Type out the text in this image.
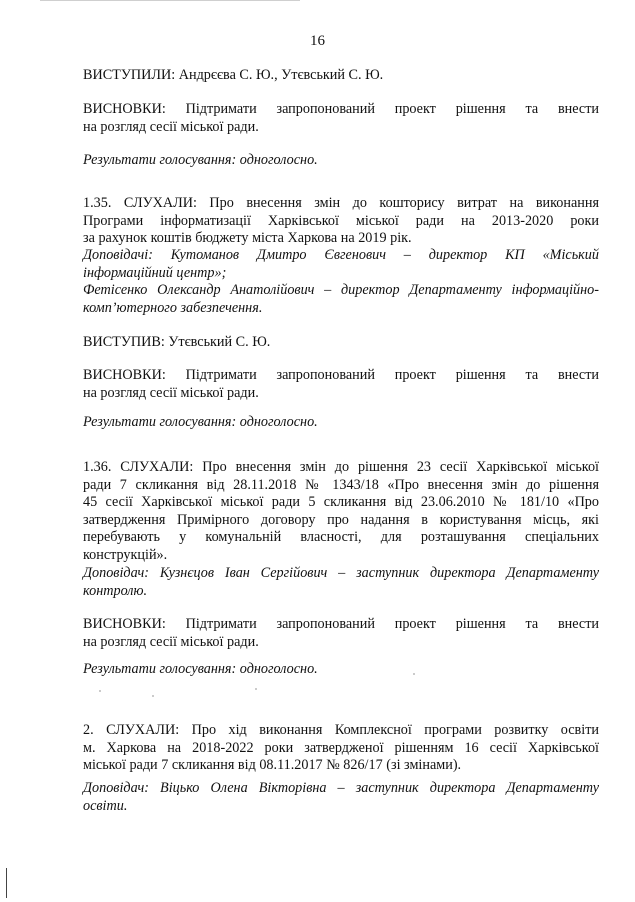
16
ВИСТУПИЛИ: Андрєєва С. Ю., Утєвський С. Ю.
ВИСНОВКИ: Підтримати запропонований проект рішення та внести
на розгляд сесії міської ради.
Результати голосування: одноголосно.
1.35. СЛУХАЛИ: Про внесення змін до кошторису витрат на виконання
Програми інформатизації Харківської міської ради на 2013-2020 роки
за рахунок коштів бюджету міста Харкова на 2019 рік.
Доповідачі: Кутоманов Дмитро Євгенович – директор КП «Міський
інформаційний центр»;
Фетісенко Олександр Анатолійович – директор Департаменту інформаційно-
комп’ютерного забезпечення.
ВИСТУПИВ: Утєвський С. Ю.
ВИСНОВКИ: Підтримати запропонований проект рішення та внести
на розгляд сесії міської ради.
Результати голосування: одноголосно.
1.36. СЛУХАЛИ: Про внесення змін до рішення 23 сесії Харківської міської
ради 7 скликання від 28.11.2018 № 1343/18 «Про внесення змін до рішення
45 сесії Харківської міської ради 5 скликання від 23.06.2010 № 181/10 «Про
затвердження Примірного договору про надання в користування місць, які
перебувають у комунальній власності, для розташування спеціальних
конструкцій».
Доповідач: Кузнєцов Іван Сергійович – заступник директора Департаменту
контролю.
ВИСНОВКИ: Підтримати запропонований проект рішення та внести
на розгляд сесії міської ради.
Результати голосування: одноголосно.
2. СЛУХАЛИ: Про хід виконання Комплексної програми розвитку освіти
м. Харкова на 2018-2022 роки затвердженої рішенням 16 сесії Харківської
міської ради 7 скликання від 08.11.2017 № 826/17 (зі змінами).
Доповідач: Віцько Олена Вікторівна – заступник директора Департаменту
освіти.
